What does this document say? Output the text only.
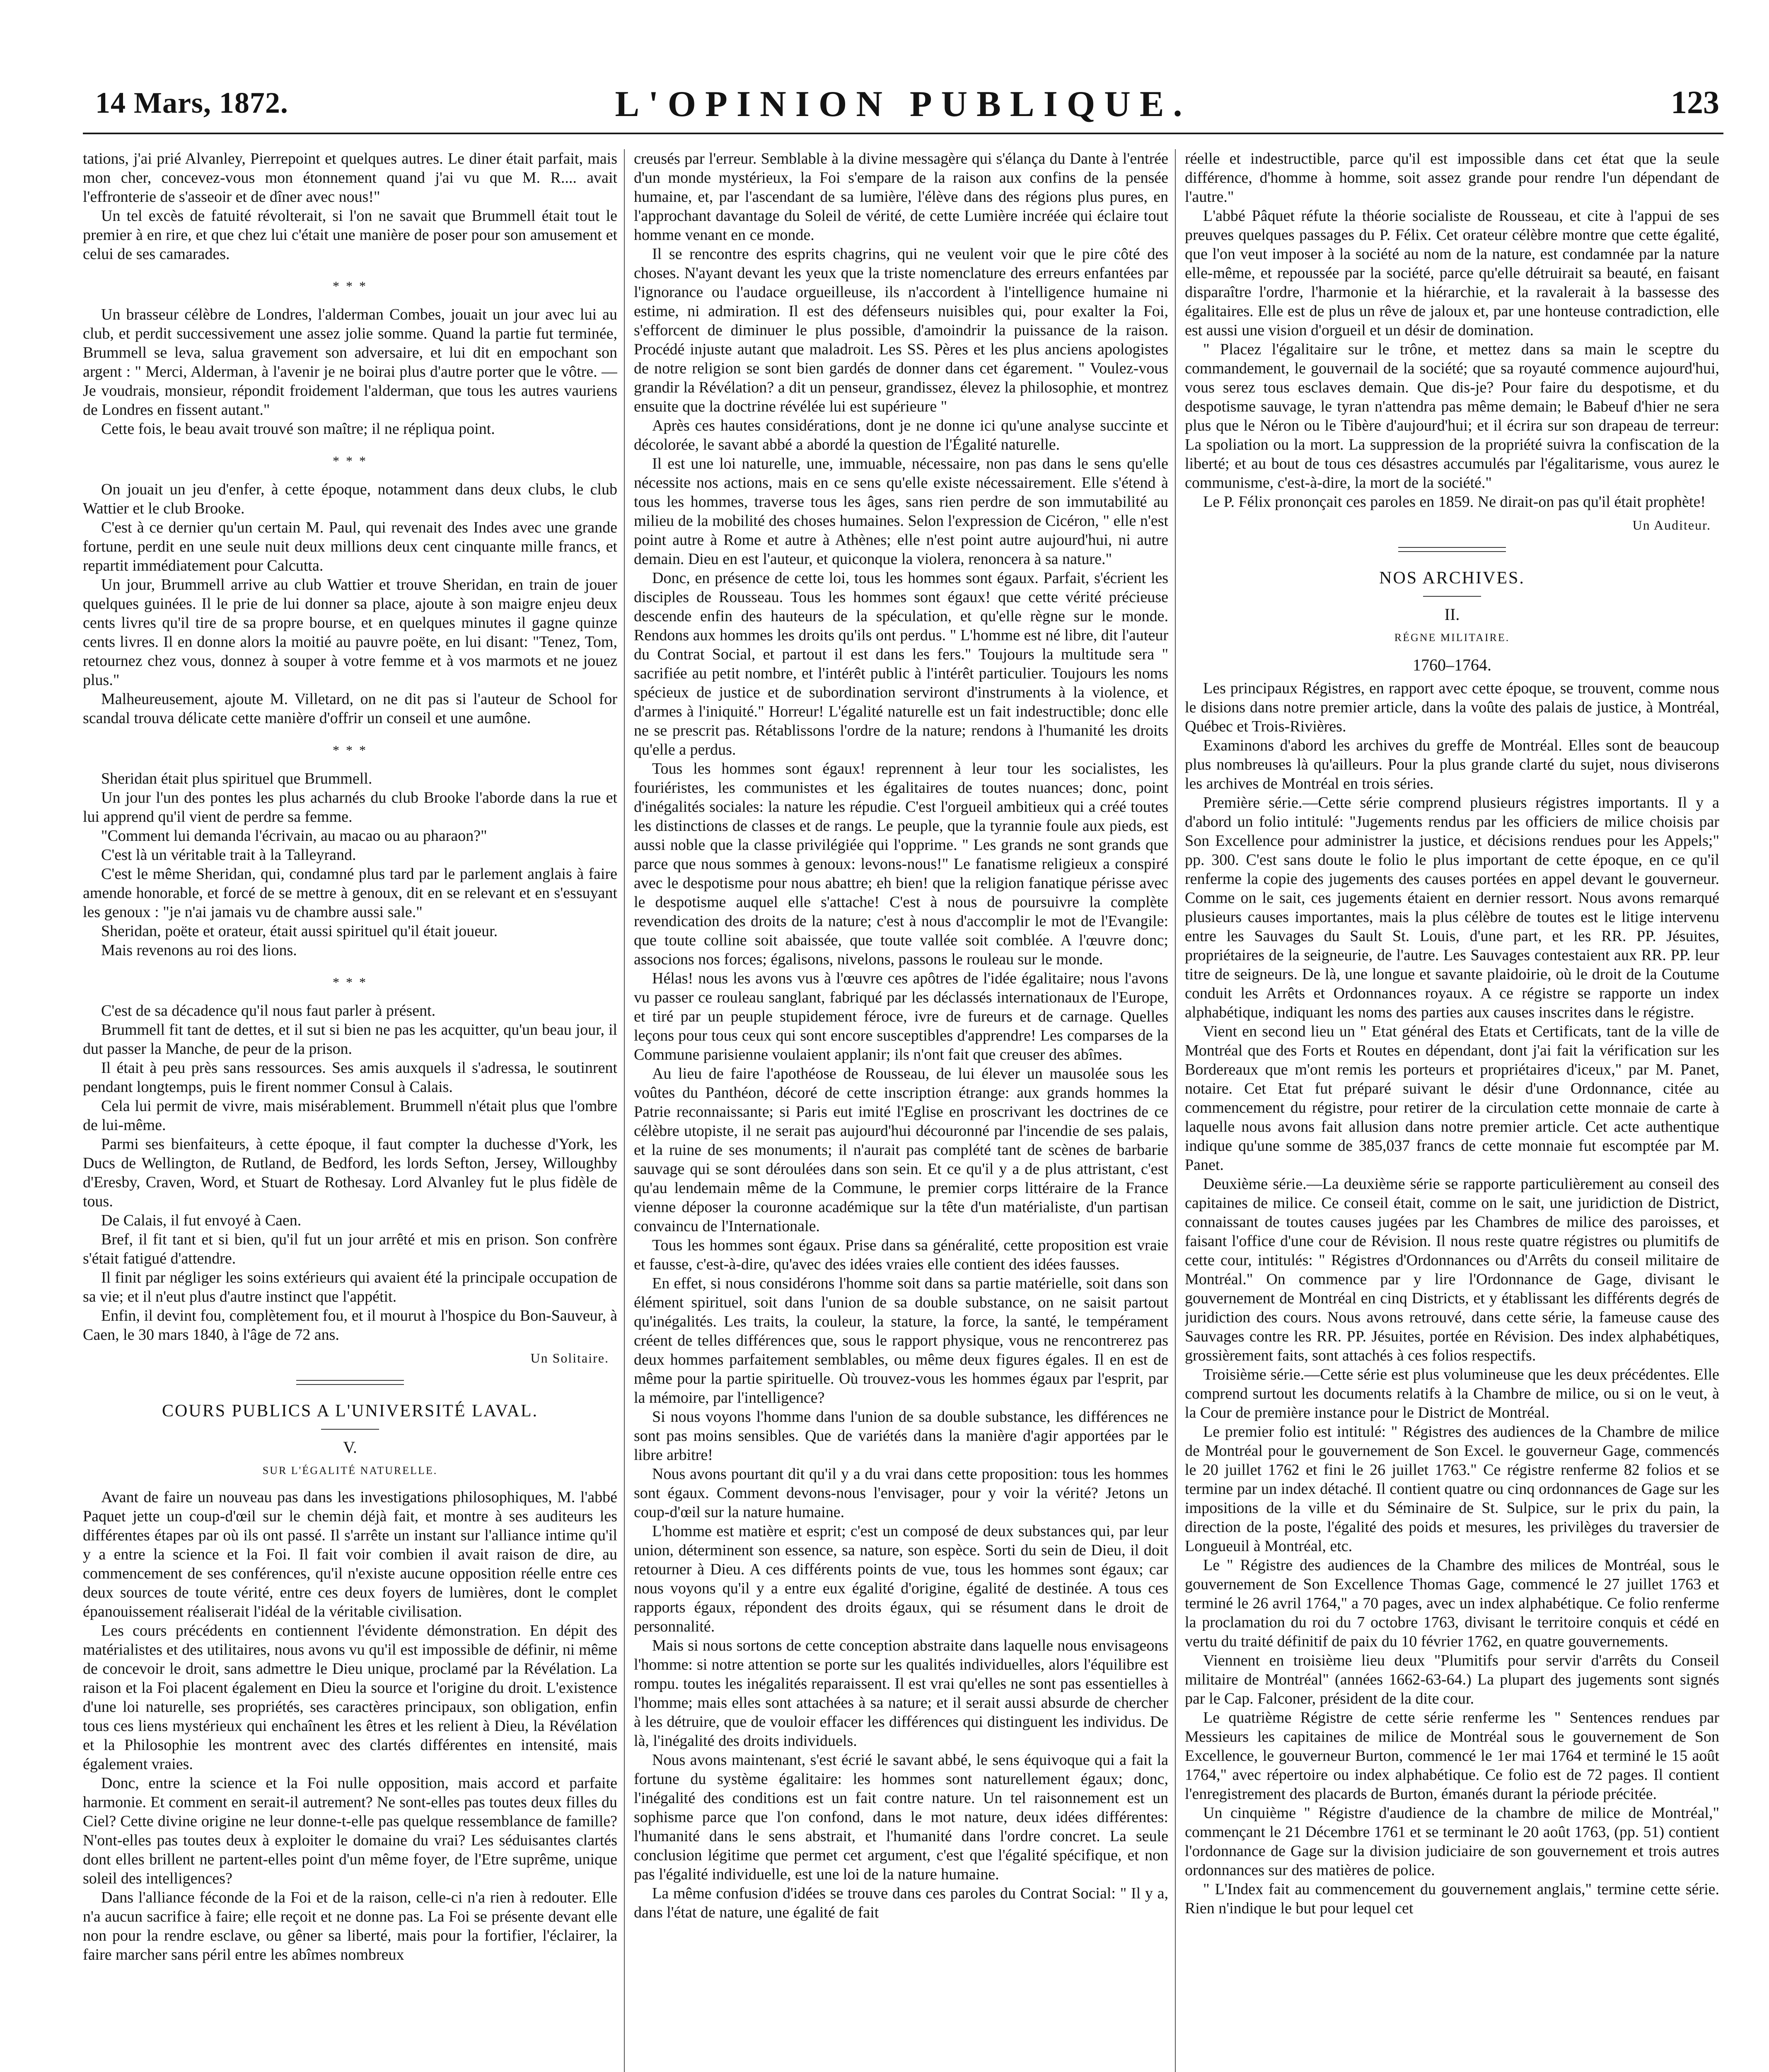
14 Mars, 1872.	L'OPINION PUBLIQUE.	123

tations, j'ai prié Alvanley, Pierrepoint et quelques autres. Le diner était parfait, mais mon cher, concevez-vous mon étonnement quand j'ai vu que M. R.... avait l'effronterie de s'asseoir et de dîner avec nous!"

Un tel excès de fatuité révolterait, si l'on ne savait que Brummell était tout le premier à en rire, et que chez lui c'était une manière de poser pour son amusement et celui de ses camarades.

* * *

Un brasseur célèbre de Londres, l'alderman Combes, jouait un jour avec lui au club, et perdit successivement une assez jolie somme. Quand la partie fut terminée, Brummell se leva, salua gravement son adversaire, et lui dit en empochant son argent : " Merci, Alderman, à l'avenir je ne boirai plus d'autre porter que le vôtre. — Je voudrais, monsieur, répondit froidement l'alderman, que tous les autres vauriens de Londres en fissent autant."

Cette fois, le beau avait trouvé son maître; il ne répliqua point.

* * *

On jouait un jeu d'enfer, à cette époque, notamment dans deux clubs, le club Wattier et le club Brooke.

C'est à ce dernier qu'un certain M. Paul, qui revenait des Indes avec une grande fortune, perdit en une seule nuit deux millions deux cent cinquante mille francs, et repartit immédiatement pour Calcutta.

Un jour, Brummell arrive au club Wattier et trouve Sheridan, en train de jouer quelques guinées. Il le prie de lui donner sa place, ajoute à son maigre enjeu deux cents livres qu'il tire de sa propre bourse, et en quelques minutes il gagne quinze cents livres. Il en donne alors la moitié au pauvre poëte, en lui disant: "Tenez, Tom, retournez chez vous, donnez à souper à votre femme et à vos marmots et ne jouez plus."

Malheureusement, ajoute M. Villetard, on ne dit pas si l'auteur de School for scandal trouva délicate cette manière d'offrir un conseil et une aumône.

* * *

Sheridan était plus spirituel que Brummell.

Un jour l'un des pontes les plus acharnés du club Brooke l'aborde dans la rue et lui apprend qu'il vient de perdre sa femme.

"Comment lui demanda l'écrivain, au macao ou au pharaon?"

C'est là un véritable trait à la Talleyrand.

C'est le même Sheridan, qui, condamné plus tard par le parlement anglais à faire amende honorable, et forcé de se mettre à genoux, dit en se relevant et en s'essuyant les genoux : "je n'ai jamais vu de chambre aussi sale."

Sheridan, poëte et orateur, était aussi spirituel qu'il était joueur.

Mais revenons au roi des lions.

* * *

C'est de sa décadence qu'il nous faut parler à présent.

Brummell fit tant de dettes, et il sut si bien ne pas les acquitter, qu'un beau jour, il dut passer la Manche, de peur de la prison.

Il était à peu près sans ressources. Ses amis auxquels il s'adressa, le soutinrent pendant longtemps, puis le firent nommer Consul à Calais.

Cela lui permit de vivre, mais misérablement. Brummell n'était plus que l'ombre de lui-même.

Parmi ses bienfaiteurs, à cette époque, il faut compter la duchesse d'York, les Ducs de Wellington, de Rutland, de Bedford, les lords Sefton, Jersey, Willoughby d'Eresby, Craven, Word, et Stuart de Rothesay. Lord Alvanley fut le plus fidèle de tous.

De Calais, il fut envoyé à Caen.

Bref, il fit tant et si bien, qu'il fut un jour arrêté et mis en prison. Son confrère s'était fatigué d'attendre.

Il finit par négliger les soins extérieurs qui avaient été la principale occupation de sa vie; et il n'eut plus d'autre instinct que l'appétit.

Enfin, il devint fou, complètement fou, et il mourut à l'hospice du Bon-Sauveur, à Caen, le 30 mars 1840, à l'âge de 72 ans.

Un Solitaire.
COURS PUBLICS A L'UNIVERSITÉ LAVAL.
V.
SUR L'ÉGALITÉ NATURELLE.

Avant de faire un nouveau pas dans les investigations philosophiques, M. l'abbé Paquet jette un coup-d'œil sur le chemin déjà fait, et montre à ses auditeurs les différentes étapes par où ils ont passé. Il s'arrête un instant sur l'alliance intime qu'il y a entre la science et la Foi. Il fait voir combien il avait raison de dire, au commencement de ses conférences, qu'il n'existe aucune opposition réelle entre ces deux sources de toute vérité, entre ces deux foyers de lumières, dont le complet épanouissement réaliserait l'idéal de la véritable civilisation.

Les cours précédents en contiennent l'évidente démonstration. En dépit des matérialistes et des utilitaires, nous avons vu qu'il est impossible de définir, ni même de concevoir le droit, sans admettre le Dieu unique, proclamé par la Révélation. La raison et la Foi placent également en Dieu la source et l'origine du droit. L'existence d'une loi naturelle, ses propriétés, ses caractères principaux, son obligation, enfin tous ces liens mystérieux qui enchaînent les êtres et les relient à Dieu, la Révélation et la Philosophie les montrent avec des clartés différentes en intensité, mais également vraies.

Donc, entre la science et la Foi nulle opposition, mais accord et parfaite harmonie. Et comment en serait-il autrement? Ne sont-elles pas toutes deux filles du Ciel? Cette divine origine ne leur donne-t-elle pas quelque ressemblance de famille? N'ont-elles pas toutes deux à exploiter le domaine du vrai? Les séduisantes clartés dont elles brillent ne partent-elles point d'un même foyer, de l'Etre suprême, unique soleil des intelligences?

Dans l'alliance féconde de la Foi et de la raison, celle-ci n'a rien à redouter. Elle n'a aucun sacrifice à faire; elle reçoit et ne donne pas. La Foi se présente devant elle non pour la rendre esclave, ou gêner sa liberté, mais pour la fortifier, l'éclairer, la faire marcher sans péril entre les abîmes nombreux

creusés par l'erreur. Semblable à la divine messagère qui s'élança du Dante à l'entrée d'un monde mystérieux, la Foi s'empare de la raison aux confins de la pensée humaine, et, par l'ascendant de sa lumière, l'élève dans des régions plus pures, en l'approchant davantage du Soleil de vérité, de cette Lumière incréée qui éclaire tout homme venant en ce monde.

Il se rencontre des esprits chagrins, qui ne veulent voir que le pire côté des choses. N'ayant devant les yeux que la triste nomenclature des erreurs enfantées par l'ignorance ou l'audace orgueilleuse, ils n'accordent à l'intelligence humaine ni estime, ni admiration. Il est des défenseurs nuisibles qui, pour exalter la Foi, s'efforcent de diminuer le plus possible, d'amoindrir la puissance de la raison. Procédé injuste autant que maladroit. Les SS. Pères et les plus anciens apologistes de notre religion se sont bien gardés de donner dans cet égarement. " Voulez-vous grandir la Révélation? a dit un penseur, grandissez, élevez la philosophie, et montrez ensuite que la doctrine révélée lui est supérieure "

Après ces hautes considérations, dont je ne donne ici qu'une analyse succinte et décolorée, le savant abbé a abordé la question de l'Égalité naturelle.

Il est une loi naturelle, une, immuable, nécessaire, non pas dans le sens qu'elle nécessite nos actions, mais en ce sens qu'elle existe nécessairement. Elle s'étend à tous les hommes, traverse tous les âges, sans rien perdre de son immutabilité au milieu de la mobilité des choses humaines. Selon l'expression de Cicéron, " elle n'est point autre à Rome et autre à Athènes; elle n'est point autre aujourd'hui, ni autre demain. Dieu en est l'auteur, et quiconque la violera, renoncera à sa nature."

Donc, en présence de cette loi, tous les hommes sont égaux. Parfait, s'écrient les disciples de Rousseau. Tous les hommes sont égaux! que cette vérité précieuse descende enfin des hauteurs de la spéculation, et qu'elle règne sur le monde. Rendons aux hommes les droits qu'ils ont perdus. " L'homme est né libre, dit l'auteur du Contrat Social, et partout il est dans les fers." Toujours la multitude sera " sacrifiée au petit nombre, et l'intérêt public à l'intérêt particulier. Toujours les noms spécieux de justice et de subordination serviront d'instruments à la violence, et d'armes à l'iniquité." Horreur! L'égalité naturelle est un fait indestructible; donc elle ne se prescrit pas. Rétablissons l'ordre de la nature; rendons à l'humanité les droits qu'elle a perdus.

Tous les hommes sont égaux! reprennent à leur tour les socialistes, les fouriéristes, les communistes et les égalitaires de toutes nuances; donc, point d'inégalités sociales: la nature les répudie. C'est l'orgueil ambitieux qui a créé toutes les distinctions de classes et de rangs. Le peuple, que la tyrannie foule aux pieds, est aussi noble que la classe privilégiée qui l'opprime. " Les grands ne sont grands que parce que nous sommes à genoux: levons-nous!" Le fanatisme religieux a conspiré avec le despotisme pour nous abattre; eh bien! que la religion fanatique périsse avec le despotisme auquel elle s'attache! C'est à nous de poursuivre la complète revendication des droits de la nature; c'est à nous d'accomplir le mot de l'Evangile: que toute colline soit abaissée, que toute vallée soit comblée. A l'œuvre donc; associons nos forces; égalisons, nivelons, passons le rouleau sur le monde.

Hélas! nous les avons vus à l'œuvre ces apôtres de l'idée égalitaire; nous l'avons vu passer ce rouleau sanglant, fabriqué par les déclassés internationaux de l'Europe, et tiré par un peuple stupidement féroce, ivre de fureurs et de carnage. Quelles leçons pour tous ceux qui sont encore susceptibles d'apprendre! Les comparses de la Commune parisienne voulaient applanir; ils n'ont fait que creuser des abîmes.

Au lieu de faire l'apothéose de Rousseau, de lui élever un mausolée sous les voûtes du Panthéon, décoré de cette inscription étrange: aux grands hommes la Patrie reconnaissante; si Paris eut imité l'Eglise en proscrivant les doctrines de ce célèbre utopiste, il ne serait pas aujourd'hui découronné par l'incendie de ses palais, et la ruine de ses monuments; il n'aurait pas complété tant de scènes de barbarie sauvage qui se sont déroulées dans son sein. Et ce qu'il y a de plus attristant, c'est qu'au lendemain même de la Commune, le premier corps littéraire de la France vienne déposer la couronne académique sur la tête d'un matérialiste, d'un partisan convaincu de l'Internationale.

Tous les hommes sont égaux. Prise dans sa généralité, cette proposition est vraie et fausse, c'est-à-dire, qu'avec des idées vraies elle contient des idées fausses.

En effet, si nous considérons l'homme soit dans sa partie matérielle, soit dans son élément spirituel, soit dans l'union de sa double substance, on ne saisit partout qu'inégalités. Les traits, la couleur, la stature, la force, la santé, le tempérament créent de telles différences que, sous le rapport physique, vous ne rencontrerez pas deux hommes parfaitement semblables, ou même deux figures égales. Il en est de même pour la partie spirituelle. Où trouvez-vous les hommes égaux par l'esprit, par la mémoire, par l'intelligence?

Si nous voyons l'homme dans l'union de sa double substance, les différences ne sont pas moins sensibles. Que de variétés dans la manière d'agir apportées par le libre arbitre!

Nous avons pourtant dit qu'il y a du vrai dans cette proposition: tous les hommes sont égaux. Comment devons-nous l'envisager, pour y voir la vérité? Jetons un coup-d'œil sur la nature humaine.

L'homme est matière et esprit; c'est un composé de deux substances qui, par leur union, déterminent son essence, sa nature, son espèce. Sorti du sein de Dieu, il doit retourner à Dieu. A ces différents points de vue, tous les hommes sont égaux; car nous voyons qu'il y a entre eux égalité d'origine, égalité de destinée. A tous ces rapports égaux, répondent des droits égaux, qui se résument dans le droit de personnalité.

Mais si nous sortons de cette conception abstraite dans laquelle nous envisageons l'homme: si notre attention se porte sur les qualités individuelles, alors l'équilibre est rompu. toutes les inégalités reparaissent. Il est vrai qu'elles ne sont pas essentielles à l'homme; mais elles sont attachées à sa nature; et il serait aussi absurde de chercher à les détruire, que de vouloir effacer les différences qui distinguent les individus. De là, l'inégalité des droits individuels.

Nous avons maintenant, s'est écrié le savant abbé, le sens équivoque qui a fait la fortune du système égalitaire: les hommes sont naturellement égaux; donc, l'inégalité des conditions est un fait contre nature. Un tel raisonnement est un sophisme parce que l'on confond, dans le mot nature, deux idées différentes: l'humanité dans le sens abstrait, et l'humanité dans l'ordre concret. La seule conclusion légitime que permet cet argument, c'est que l'égalité spécifique, et non pas l'égalité individuelle, est une loi de la nature humaine.

La même confusion d'idées se trouve dans ces paroles du Contrat Social: " Il y a, dans l'état de nature, une égalité de fait

réelle et indestructible, parce qu'il est impossible dans cet état que la seule différence, d'homme à homme, soit assez grande pour rendre l'un dépendant de l'autre."

L'abbé Pâquet réfute la théorie socialiste de Rousseau, et cite à l'appui de ses preuves quelques passages du P. Félix. Cet orateur célèbre montre que cette égalité, que l'on veut imposer à la société au nom de la nature, est condamnée par la nature elle-même, et repoussée par la société, parce qu'elle détruirait sa beauté, en faisant disparaître l'ordre, l'harmonie et la hiérarchie, et la ravalerait à la bassesse des égalitaires. Elle est de plus un rêve de jaloux et, par une honteuse contradiction, elle est aussi une vision d'orgueil et un désir de domination.

" Placez l'égalitaire sur le trône, et mettez dans sa main le sceptre du commandement, le gouvernail de la société; que sa royauté commence aujourd'hui, vous serez tous esclaves demain. Que dis-je? Pour faire du despotisme, et du despotisme sauvage, le tyran n'attendra pas même demain; le Babeuf d'hier ne sera plus que le Néron ou le Tibère d'aujourd'hui; et il écrira sur son drapeau de terreur: La spoliation ou la mort. La suppression de la propriété suivra la confiscation de la liberté; et au bout de tous ces désastres accumulés par l'égalitarisme, vous aurez le communisme, c'est-à-dire, la mort de la société."

Le P. Félix prononçait ces paroles en 1859. Ne dirait-on pas qu'il était prophète!

Un Auditeur.
NOS ARCHIVES.
II.
RÉGNE MILITAIRE.
1760–1764.

Les principaux Régistres, en rapport avec cette époque, se trouvent, comme nous le disions dans notre premier article, dans la voûte des palais de justice, à Montréal, Québec et Trois-Rivières.

Examinons d'abord les archives du greffe de Montréal. Elles sont de beaucoup plus nombreuses là qu'ailleurs. Pour la plus grande clarté du sujet, nous diviserons les archives de Montréal en trois séries.

Première série.—Cette série comprend plusieurs régistres importants. Il y a d'abord un folio intitulé: "Jugements rendus par les officiers de milice choisis par Son Excellence pour administrer la justice, et décisions rendues pour les Appels;" pp. 300. C'est sans doute le folio le plus important de cette époque, en ce qu'il renferme la copie des jugements des causes portées en appel devant le gouverneur. Comme on le sait, ces jugements étaient en dernier ressort. Nous avons remarqué plusieurs causes importantes, mais la plus célèbre de toutes est le litige intervenu entre les Sauvages du Sault St. Louis, d'une part, et les RR. PP. Jésuites, propriétaires de la seigneurie, de l'autre. Les Sauvages contestaient aux RR. PP. leur titre de seigneurs. De là, une longue et savante plaidoirie, où le droit de la Coutume conduit les Arrêts et Ordonnances royaux. A ce régistre se rapporte un index alphabétique, indiquant les noms des parties aux causes inscrites dans le régistre.

Vient en second lieu un " Etat général des Etats et Certificats, tant de la ville de Montréal que des Forts et Routes en dépendant, dont j'ai fait la vérification sur les Bordereaux que m'ont remis les porteurs et propriétaires d'iceux," par M. Panet, notaire. Cet Etat fut préparé suivant le désir d'une Ordonnance, citée au commencement du régistre, pour retirer de la circulation cette monnaie de carte à laquelle nous avons fait allusion dans notre premier article. Cet acte authentique indique qu'une somme de 385,037 francs de cette monnaie fut escomptée par M. Panet.

Deuxième série.—La deuxième série se rapporte particulièrement au conseil des capitaines de milice. Ce conseil était, comme on le sait, une juridiction de District, connaissant de toutes causes jugées par les Chambres de milice des paroisses, et faisant l'office d'une cour de Révision. Il nous reste quatre régistres ou plumitifs de cette cour, intitulés: " Régistres d'Ordonnances ou d'Arrêts du conseil militaire de Montréal." On commence par y lire l'Ordonnance de Gage, divisant le gouvernement de Montréal en cinq Districts, et y établissant les différents degrés de juridiction des cours. Nous avons retrouvé, dans cette série, la fameuse cause des Sauvages contre les RR. PP. Jésuites, portée en Révision. Des index alphabétiques, grossièrement faits, sont attachés à ces folios respectifs.

Troisième série.—Cette série est plus volumineuse que les deux précédentes. Elle comprend surtout les documents relatifs à la Chambre de milice, ou si on le veut, à la Cour de première instance pour le District de Montréal.

Le premier folio est intitulé: " Régistres des audiences de la Chambre de milice de Montréal pour le gouvernement de Son Excel. le gouverneur Gage, commencés le 20 juillet 1762 et fini le 26 juillet 1763." Ce régistre renferme 82 folios et se termine par un index détaché. Il contient quatre ou cinq ordonnances de Gage sur les impositions de la ville et du Séminaire de St. Sulpice, sur le prix du pain, la direction de la poste, l'égalité des poids et mesures, les privilèges du traversier de Longueuil à Montréal, etc.

Le " Régistre des audiences de la Chambre des milices de Montréal, sous le gouvernement de Son Excellence Thomas Gage, commencé le 27 juillet 1763 et terminé le 26 avril 1764," a 70 pages, avec un index alphabétique. Ce folio renferme la proclamation du roi du 7 octobre 1763, divisant le territoire conquis et cédé en vertu du traité définitif de paix du 10 février 1762, en quatre gouvernements.

Viennent en troisième lieu deux "Plumitifs pour servir d'arrêts du Conseil militaire de Montréal" (années 1662-63-64.) La plupart des jugements sont signés par le Cap. Falconer, président de la dite cour.

Le quatrième Régistre de cette série renferme les " Sentences rendues par Messieurs les capitaines de milice de Montréal sous le gouvernement de Son Excellence, le gouverneur Burton, commencé le 1er mai 1764 et terminé le 15 août 1764," avec répertoire ou index alphabétique. Ce folio est de 72 pages. Il contient l'enregistrement des placards de Burton, émanés durant la période précitée.

Un cinquième " Régistre d'audience de la chambre de milice de Montréal," commençant le 21 Décembre 1761 et se terminant le 20 août 1763, (pp. 51) contient l'ordonnance de Gage sur la division judiciaire de son gouvernement et trois autres ordonnances sur des matières de police.

" L'Index fait au commencement du gouvernement anglais," termine cette série. Rien n'indique le but pour lequel cet
